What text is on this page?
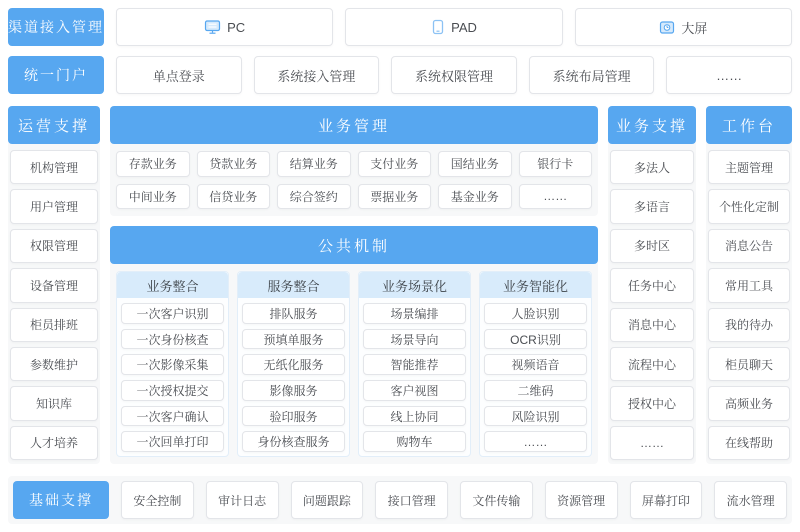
渠道接入管理	PC	PAD	大屏
统一门户	单点登录	系统接入管理	系统权限管理	系统布局管理	……
运营支撑
机构管理
用户管理
权限管理
设备管理
柜员排班
参数维护
知识库
人才培养
业务管理
存款业务	贷款业务	结算业务	支付业务	国结业务	银行卡
中间业务	信贷业务	综合签约	票据业务	基金业务	……
公共机制
业务整合
一次客户识别
一次身份核查
一次影像采集
一次授权提交
一次客户确认
一次回单打印
服务整合
排队服务
预填单服务
无纸化服务
影像服务
验印服务
身份核查服务
业务场景化
场景编排
场景导向
智能推荐
客户视图
线上协同
购物车
业务智能化
人脸识别
OCR识别
视频语音
二维码
风险识别
……
业务支撑
多法人
多语言
多时区
任务中心
消息中心
流程中心
授权中心
……
工作台
主题管理
个性化定制
消息公告
常用工具
我的待办
柜员聊天
高频业务
在线帮助
基础支撑	安全控制	审计日志	问题跟踪	接口管理	文件传输	资源管理	屏幕打印	流水管理
